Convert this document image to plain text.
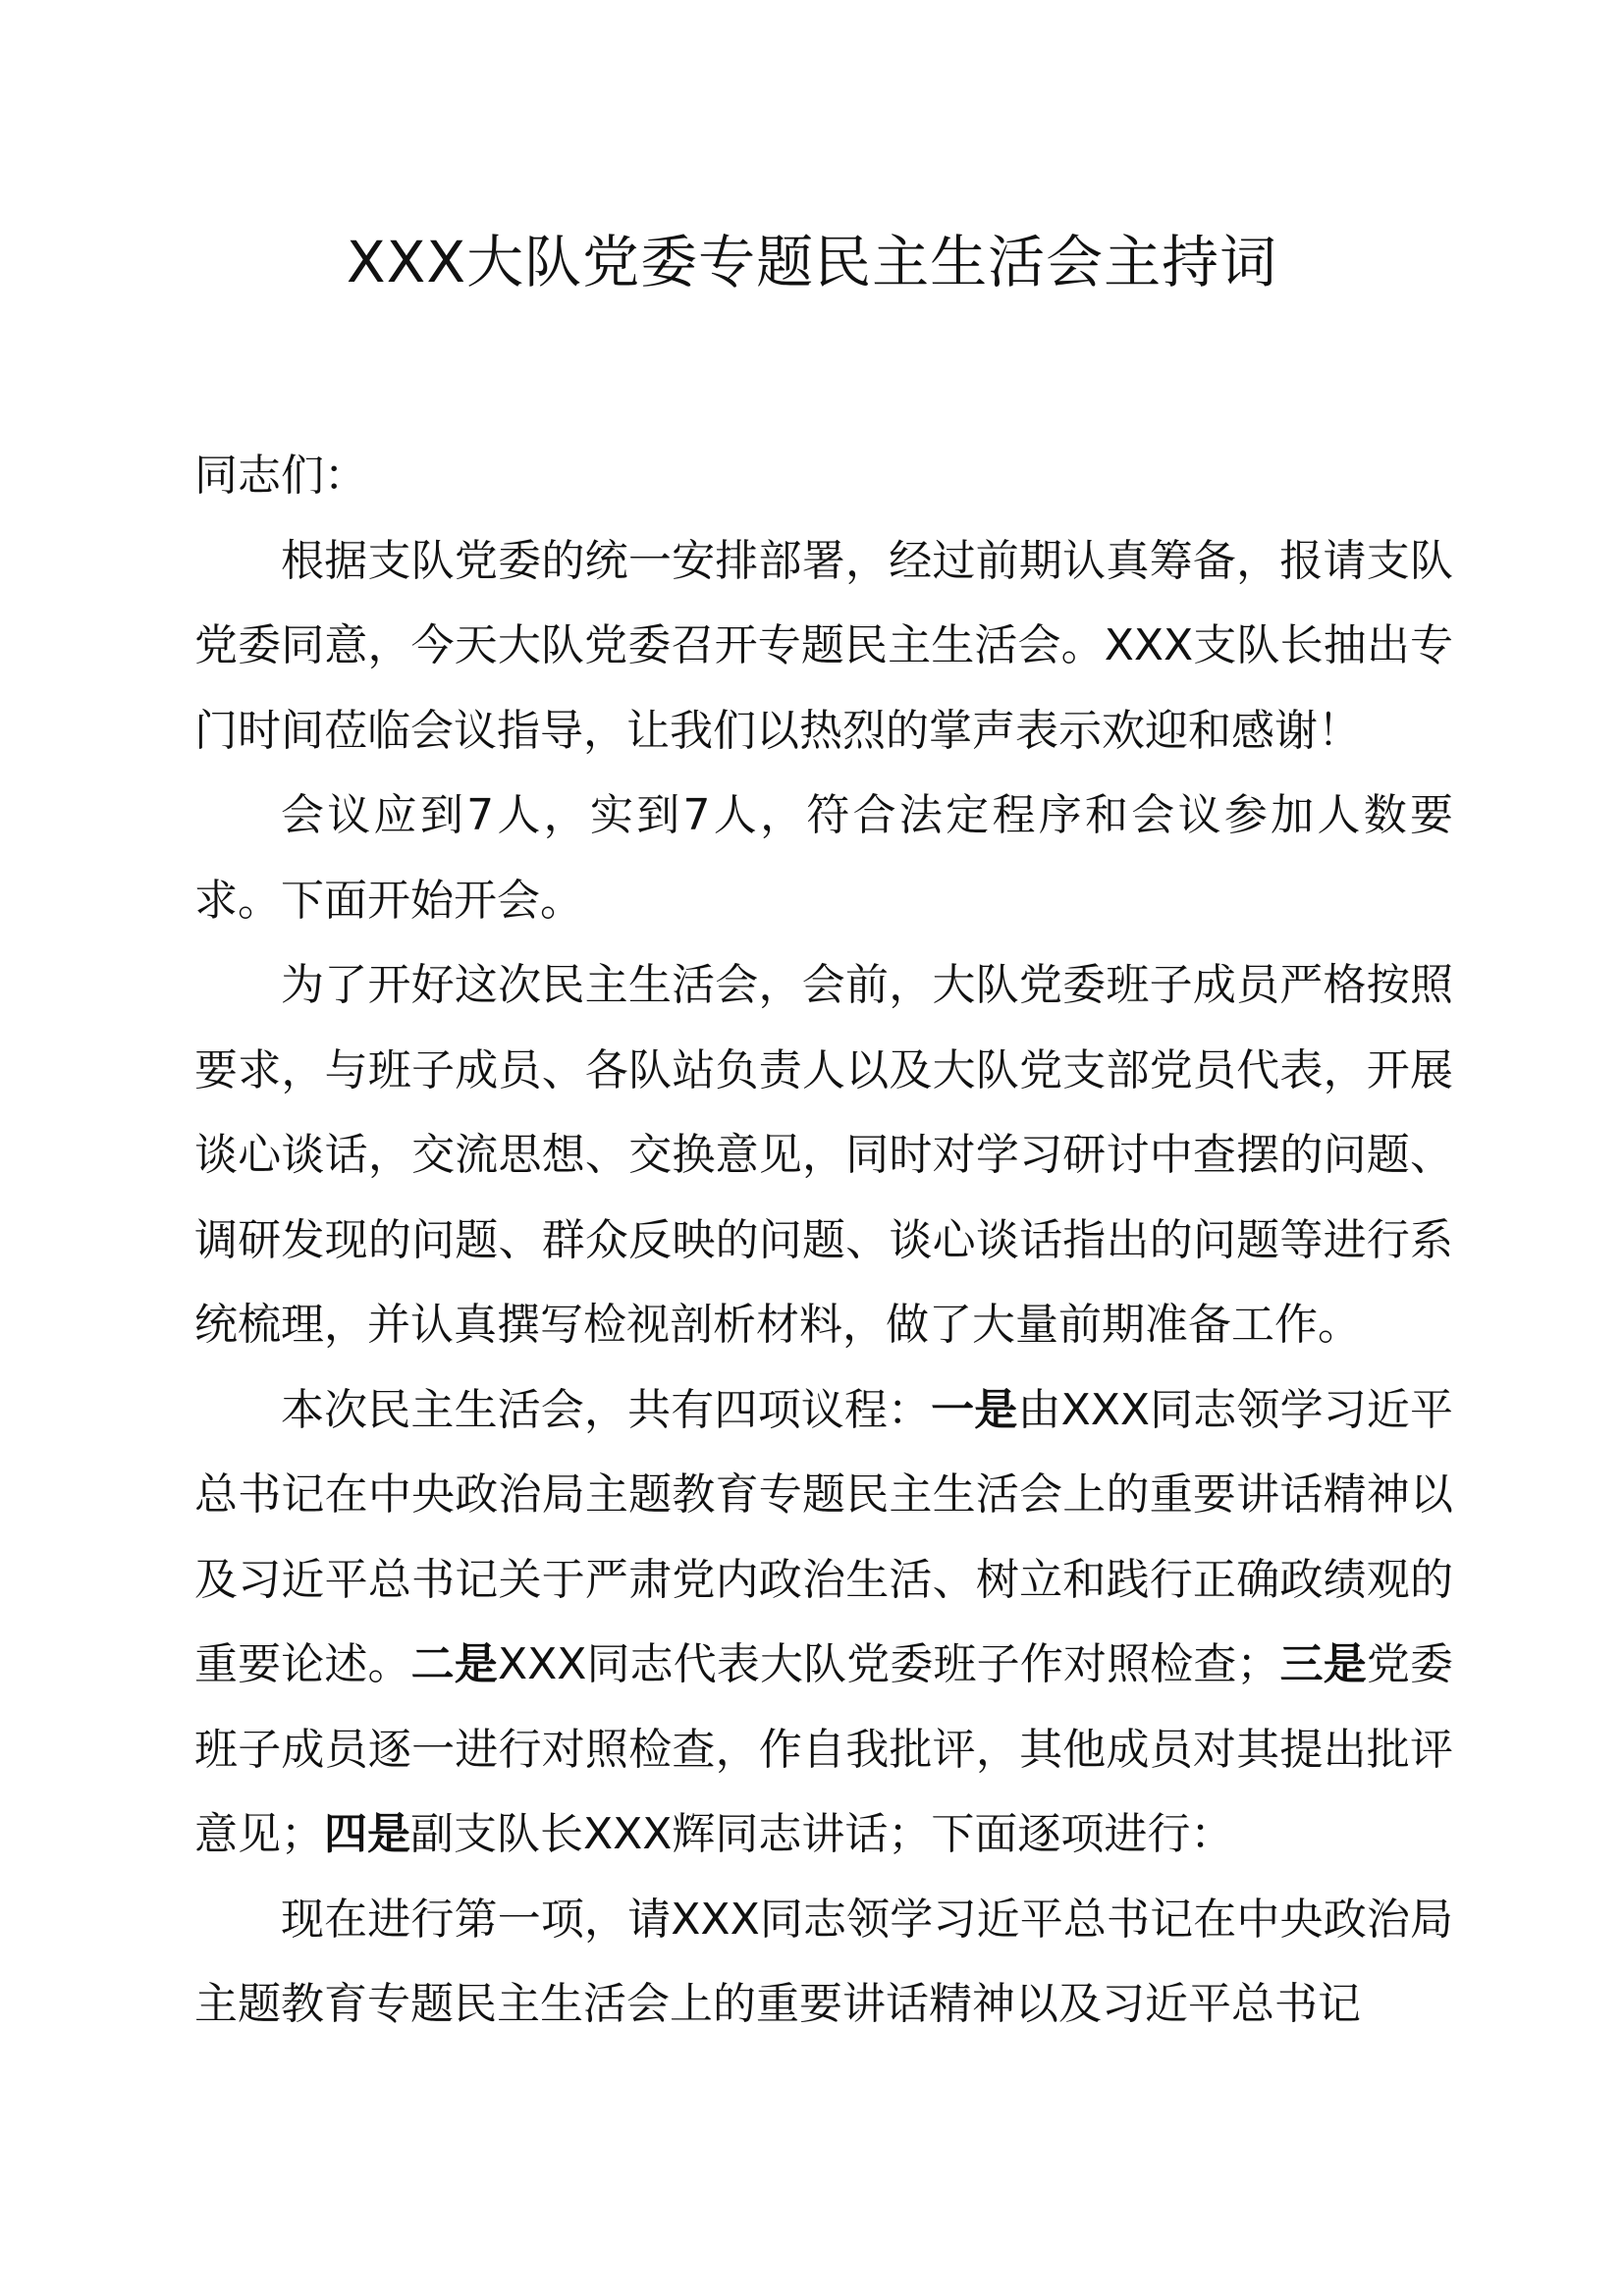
XXX大队党委专题民主生活会主持词

同志们：

根据支队党委的统一安排部署，经过前期认真筹备，报请支队党委同意，今天大队党委召开专题民主生活会。XXX支队长抽出专门时间莅临会议指导，让我们以热烈的掌声表示欢迎和感谢！

会议应到7人，实到7人，符合法定程序和会议参加人数要求。下面开始开会。

为了开好这次民主生活会，会前，大队党委班子成员严格按照要求，与班子成员、各队站负责人以及大队党支部党员代表，开展谈心谈话，交流思想、交换意见，同时对学习研讨中查摆的问题、调研发现的问题、群众反映的问题、谈心谈话指出的问题等进行系统梳理，并认真撰写检视剖析材料，做了大量前期准备工作。

本次民主生活会，共有四项议程：一是由XXX同志领学习近平总书记在中央政治局主题教育专题民主生活会上的重要讲话精神以及习近平总书记关于严肃党内政治生活、树立和践行正确政绩观的重要论述。二是XXX同志代表大队党委班子作对照检查；三是党委班子成员逐一进行对照检查，作自我批评，其他成员对其提出批评意见；四是副支队长XXX辉同志讲话；下面逐项进行：

现在进行第一项，请XXX同志领学习近平总书记在中央政治局主题教育专题民主生活会上的重要讲话精神以及习近平总书记
